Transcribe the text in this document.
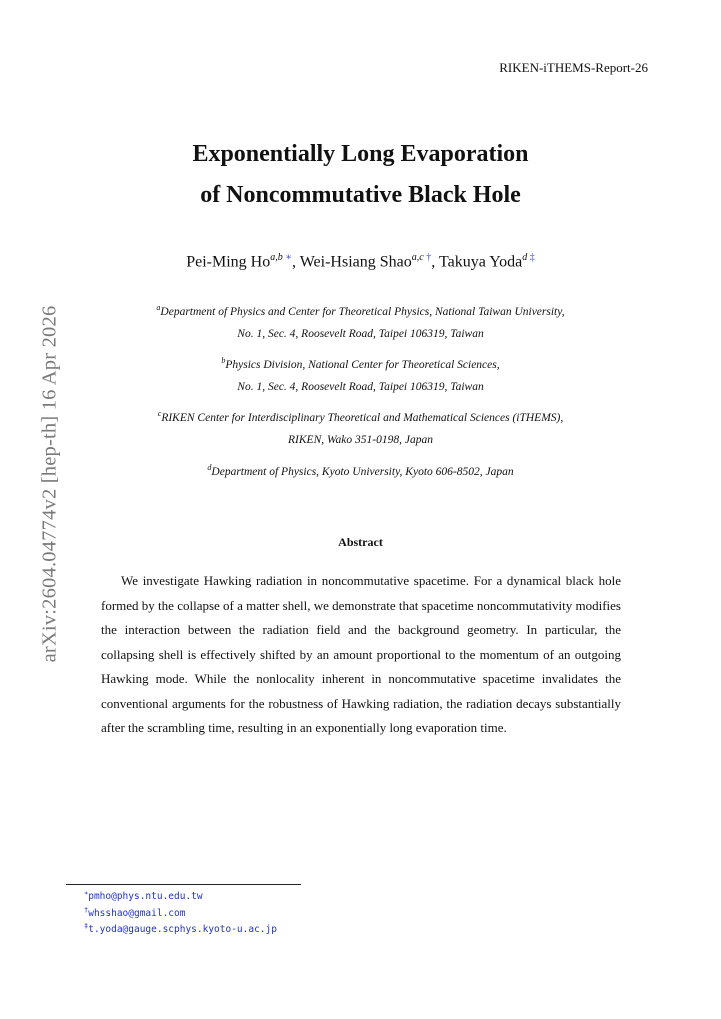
RIKEN-iTHEMS-Report-26
Exponentially Long Evaporation
of Noncommutative Black Hole
Pei-Ming Ho$^{a,b}$ ∗, Wei-Hsiang Shao$^{a,c}$ †, Takuya Yoda$^d$ ‡
$^a$Department of Physics and Center for Theoretical Physics, National Taiwan University,
No. 1, Sec. 4, Roosevelt Road, Taipei 106319, Taiwan
$^b$Physics Division, National Center for Theoretical Sciences,
No. 1, Sec. 4, Roosevelt Road, Taipei 106319, Taiwan
$^c$RIKEN Center for Interdisciplinary Theoretical and Mathematical Sciences (iTHEMS),
RIKEN, Wako 351-0198, Japan
$^d$Department of Physics, Kyoto University, Kyoto 606-8502, Japan
Abstract
We investigate Hawking radiation in noncommutative spacetime. For a dynamical black hole formed by the collapse of a matter shell, we demonstrate that spacetime noncommutativity modifies the interaction between the radiation field and the background geometry. In particular, the collapsing shell is effectively shifted by an amount proportional to the momentum of an outgoing Hawking mode. While the nonlocality inherent in noncommutative spacetime invalidates the conventional arguments for the robustness of Hawking radiation, the radiation decays substantially after the scrambling time, resulting in an exponentially long evaporation time.
arXiv:2604.04774v2 [hep-th] 16 Apr 2026
∗pmho@phys.ntu.edu.tw
†whsshao@gmail.com
‡t.yoda@gauge.scphys.kyoto-u.ac.jp
